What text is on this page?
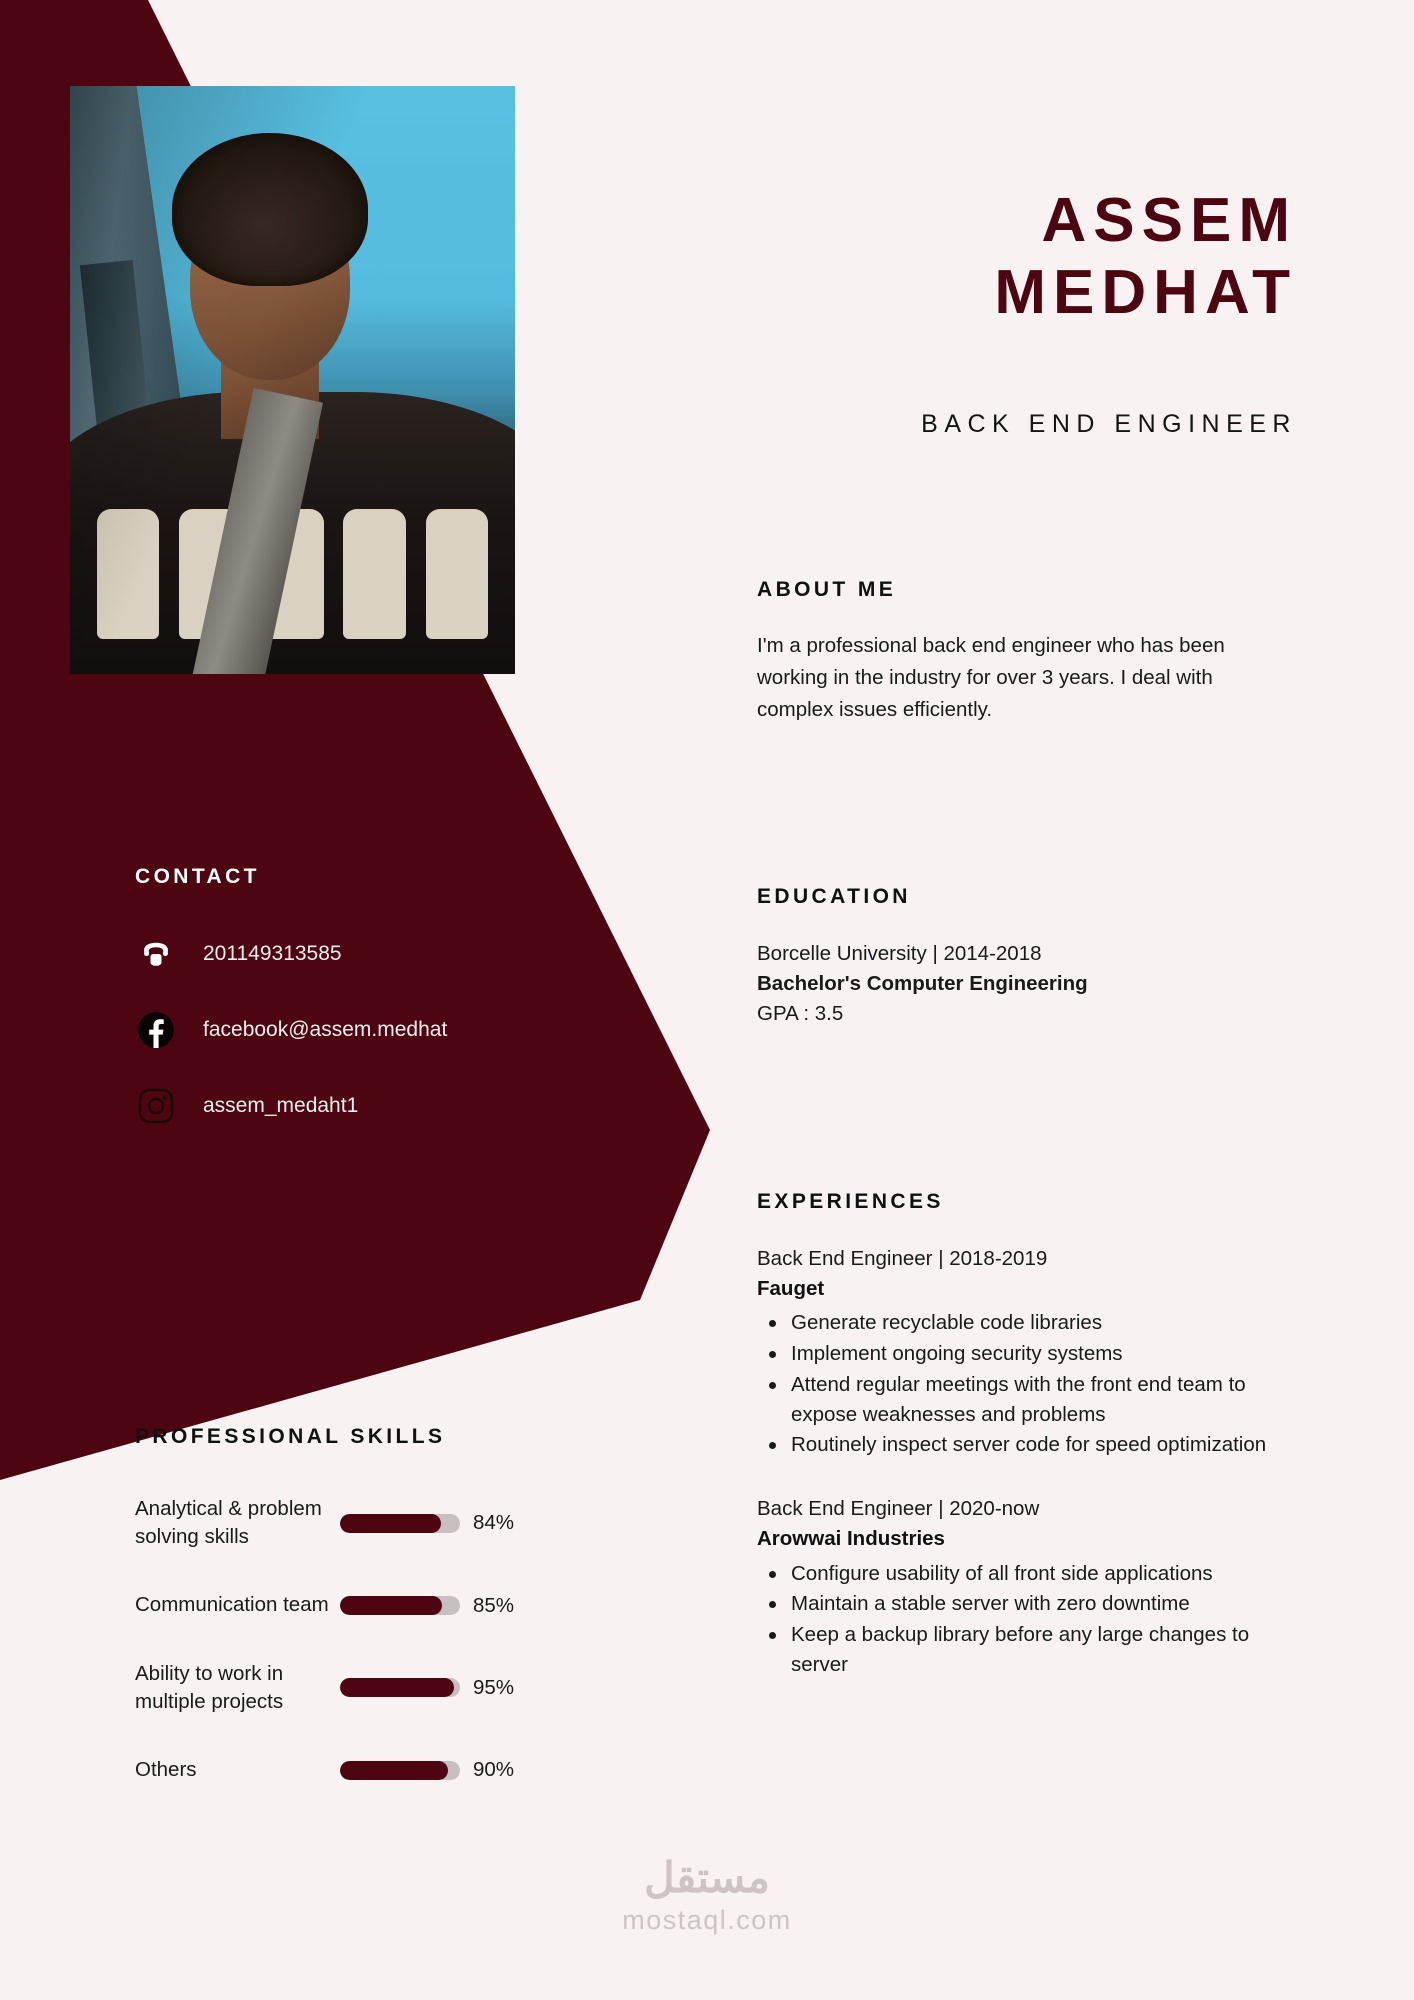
CONTACT
201149313585
facebook@assem.medhat
assem_medaht1
PROFESSIONAL SKILLS
Analytical & problem solving skills
84%
Communication team	85%
Ability to work in multiple projects
95%
Others	90%
ASSEM
MEDHAT
BACK END ENGINEER
ABOUT ME

I'm a professional back end engineer who has been working in the industry for over 3 years. I deal with complex issues efficiently.

EDUCATION
Borcelle University | 2014-2018
Bachelor's Computer Engineering
GPA : 3.5
EXPERIENCES
Back End Engineer | 2018-2019
Fauget
Generate recyclable code libraries
Implement ongoing security systems
Attend regular meetings with the front end team to expose weaknesses and problems
Routinely inspect server code for speed optimization
Back End Engineer | 2020-now
Arowwai Industries
Configure usability of all front side applications
Maintain a stable server with zero downtime
Keep a backup library before any large changes to server
مستقل
mostaql.com
